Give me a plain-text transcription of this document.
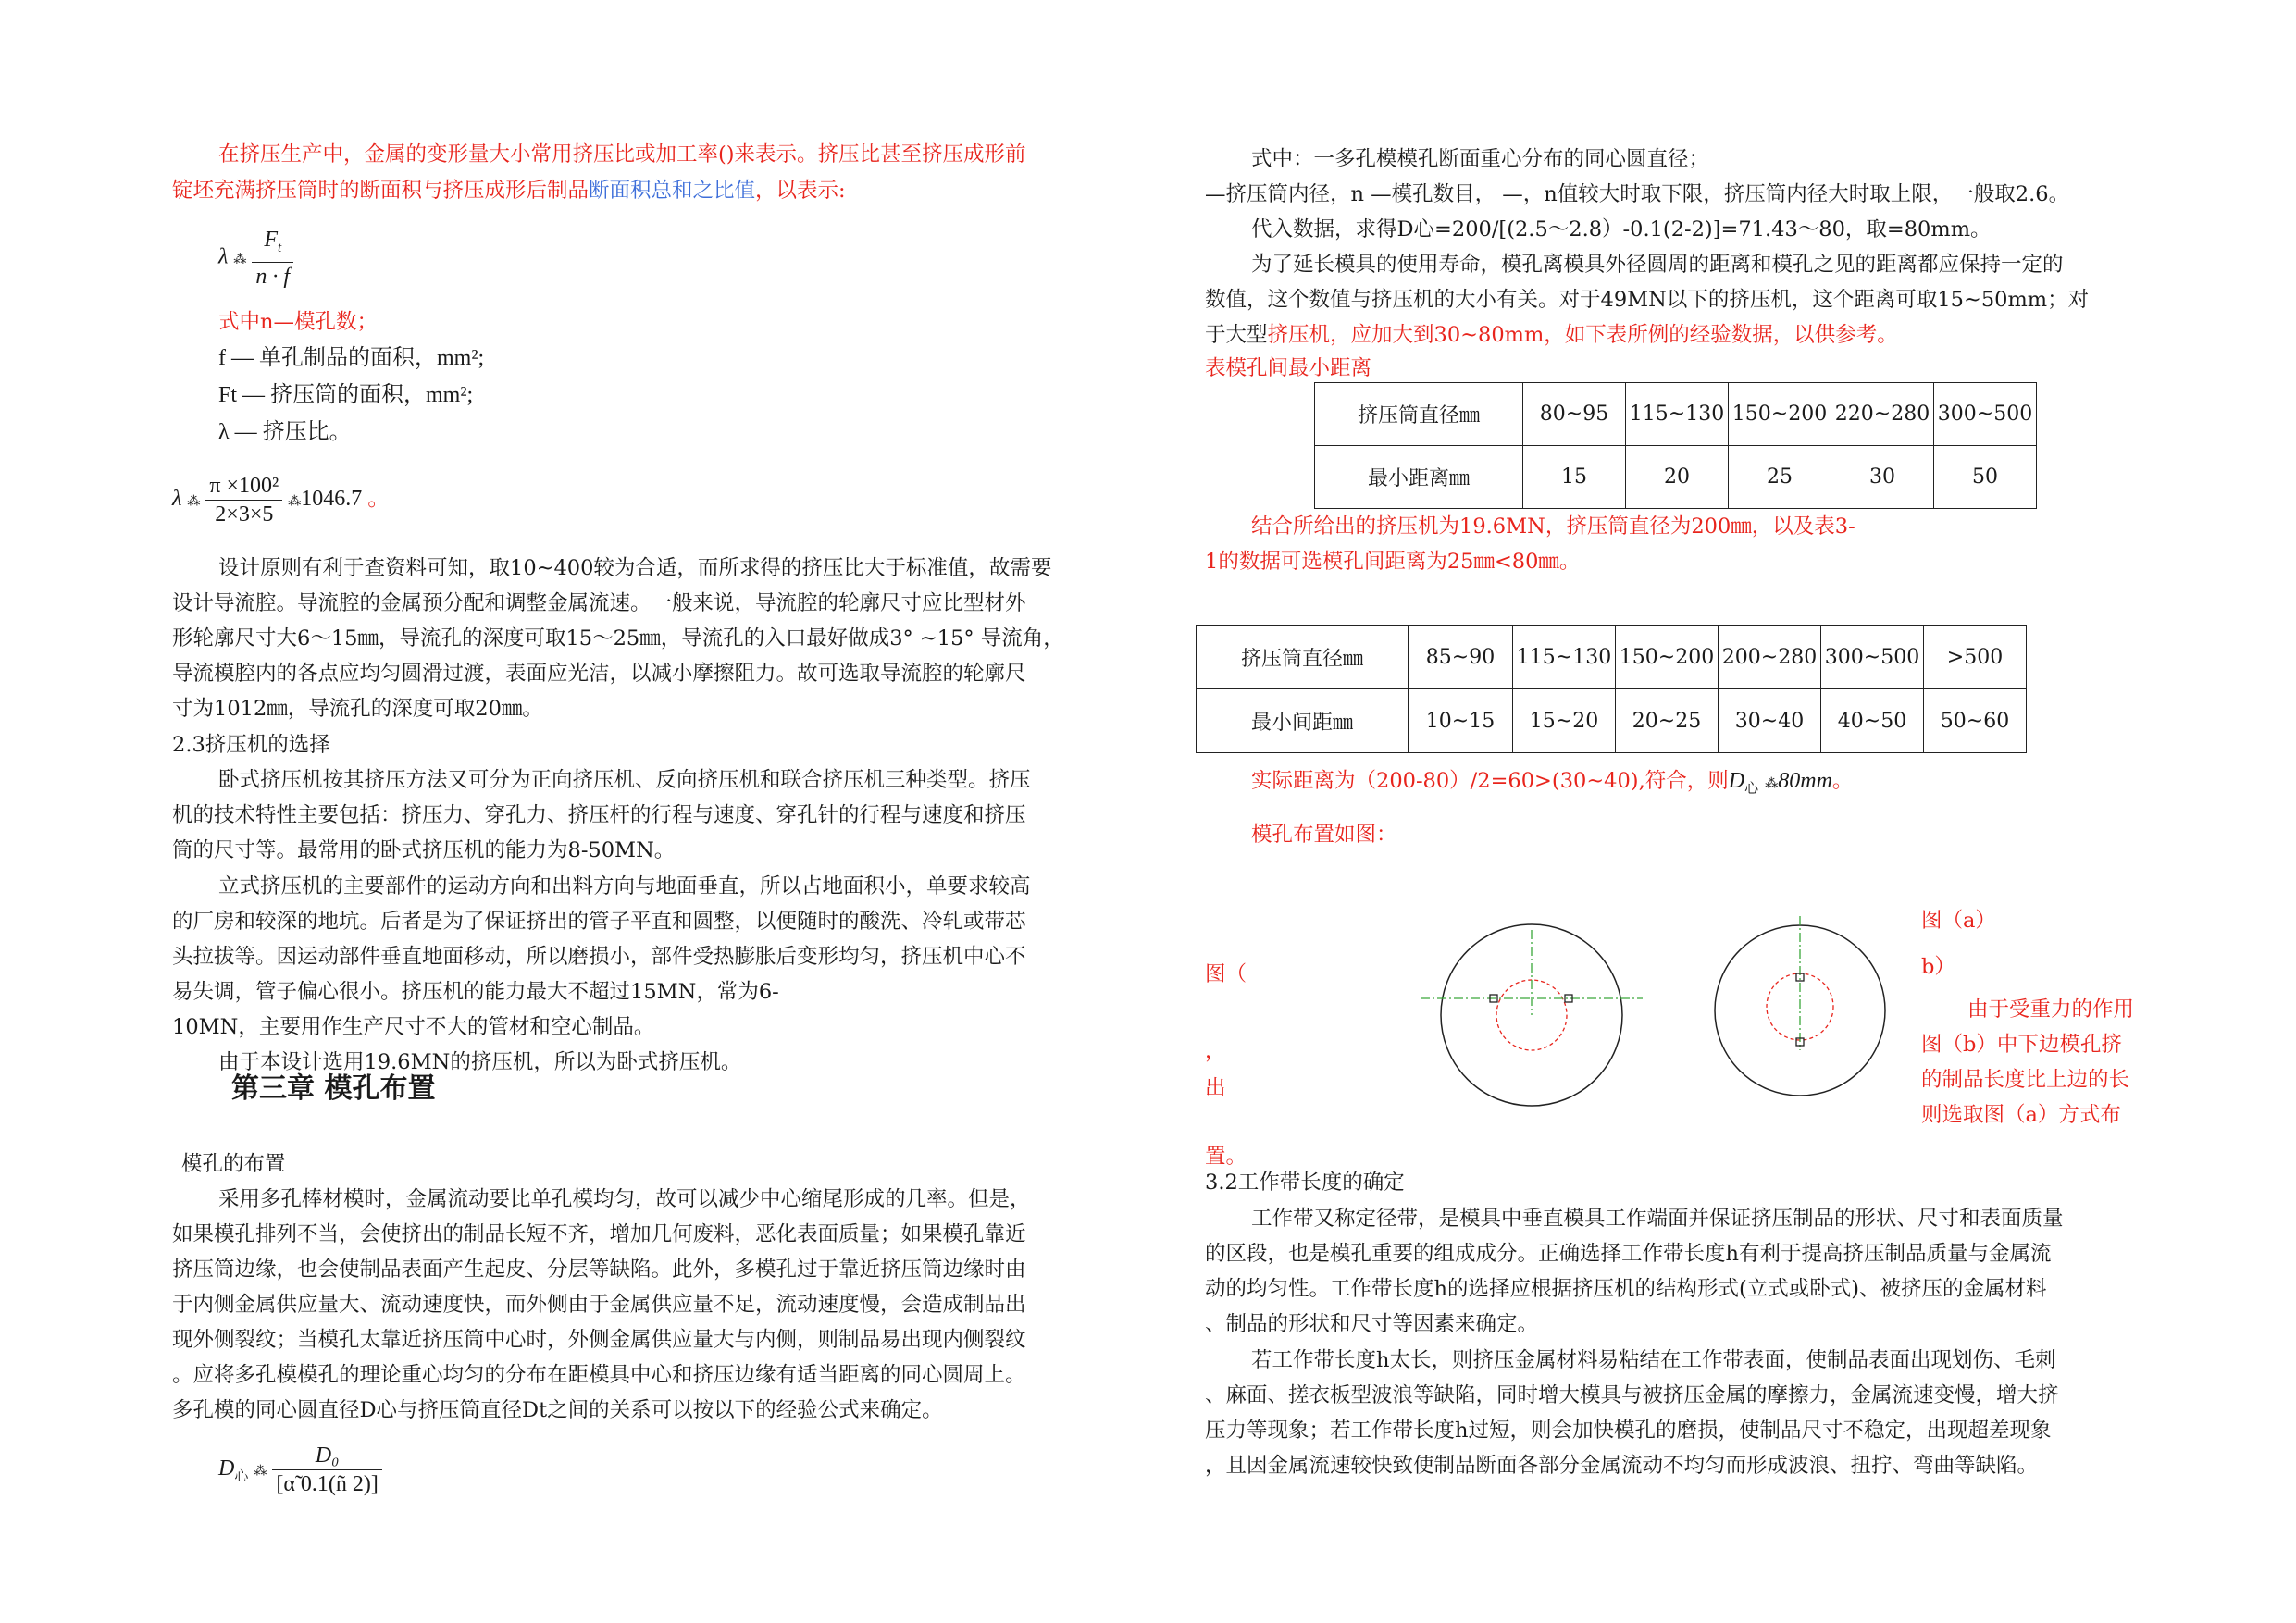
在挤压生产中，金属的变形量大小常用挤压比或加工率()来表示。挤压比甚至挤压成形前
锭坯充满挤压筒时的断面积与挤压成形后制品断面积总和之比值，以表示:
λ ⁂ $\frac{F_t}{n \cdot f}$
式中n—模孔数；
f — 单孔制品的面积，mm²;
Ft — 挤压筒的面积，mm²;
λ — 挤压比。
λ ⁂ $\frac{\text{π ×100²}}{2\times 3\times 5}$ ⁂1046.7 。
设计原则有利于查资料可知，取10~400较为合适，而所求得的挤压比大于标准值，故需要
设计导流腔。导流腔的金属预分配和调整金属流速。一般来说，导流腔的轮廓尺寸应比型材外
形轮廓尺寸大6～15㎜，导流孔的深度可取15～25㎜，导流孔的入口最好做成3° ~15° 导流角，
导流模腔内的各点应均匀圆滑过渡，表面应光洁，以减小摩擦阻力。故可选取导流腔的轮廓尺
寸为1012㎜，导流孔的深度可取20㎜。
2.3挤压机的选择
卧式挤压机按其挤压方法又可分为正向挤压机、反向挤压机和联合挤压机三种类型。挤压
机的技术特性主要包括：挤压力、穿孔力、挤压杆的行程与速度、穿孔针的行程与速度和挤压
筒的尺寸等。最常用的卧式挤压机的能力为8-50MN。
立式挤压机的主要部件的运动方向和出料方向与地面垂直，所以占地面积小，单要求较高
的厂房和较深的地坑。后者是为了保证挤出的管子平直和圆整，以便随时的酸洗、冷轧或带芯
头拉拔等。因运动部件垂直地面移动，所以磨损小，部件受热膨胀后变形均匀，挤压机中心不
易失调，管子偏心很小。挤压机的能力最大不超过15MN，常为6-
10MN，主要用作生产尺寸不大的管材和空心制品。
由于本设计选用19.6MN的挤压机，所以为卧式挤压机。
第三章 模孔布置
模孔的布置
采用多孔棒材模时，金属流动要比单孔模均匀，故可以减少中心缩尾形成的几率。但是，
如果模孔排列不当，会使挤出的制品长短不齐，增加几何废料，恶化表面质量；如果模孔靠近
挤压筒边缘，也会使制品表面产生起皮、分层等缺陷。此外，多模孔过于靠近挤压筒边缘时由
于内侧金属供应量大、流动速度快，而外侧由于金属供应量不足，流动速度慢，会造成制品出
现外侧裂纹；当模孔太靠近挤压筒中心时，外侧金属供应量大与内侧，则制品易出现内侧裂纹
。应将多孔模模孔的理论重心均匀的分布在距模具中心和挤压边缘有适当距离的同心圆周上。
多孔模的同心圆直径D心与挤压筒直径Dt之间的关系可以按以下的经验公式来确定。
$D_心$ ⁂ $\frac{\text{D₀}}{[\alphã 0.1(ñ 2)]}$
式中：一多孔模模孔断面重心分布的同心圆直径；
—挤压筒内径，n —模孔数目， —，n值较大时取下限，挤压筒内径大时取上限，一般取2.6。
代入数据，求得D心=200/[(2.5～2.8）-0.1(2-2)]=71.43～80，取=80mm。
为了延长模具的使用寿命，模孔离模具外径圆周的距离和模孔之见的距离都应保持一定的
数值，这个数值与挤压机的大小有关。对于49MN以下的挤压机，这个距离可取15~50mm；对
于大型挤压机，应加大到30~80mm，如下表所例的经验数据，以供参考。
表模孔间最小距离
挤压筒直径㎜	80~95	115~130	150~200	220~280	300~500
最小距离㎜	15	20	25	30	50
结合所给出的挤压机为19.6MN，挤压筒直径为200㎜，以及表3-
1的数据可选模孔间距离为25㎜<80㎜。
挤压筒直径㎜	85~90	115~130	150~200	200~280	300~500	>500
最小间距㎜	10~15	15~20	20~25	30~40	40~50	50~60
实际距离为（200-80）/2=60>(30~40),符合，则$D_心$ ⁂80mm。
模孔布置如图：
图（
，
出
置。
图（a）
b）
由于受重力的作用
图（b）中下边模孔挤
的制品长度比上边的长
则选取图（a）方式布
3.2工作带长度的确定
工作带又称定径带，是模具中垂直模具工作端面并保证挤压制品的形状、尺寸和表面质量
的区段，也是模孔重要的组成成分。正确选择工作带长度h有利于提高挤压制品质量与金属流
动的均匀性。工作带长度h的选择应根据挤压机的结构形式(立式或卧式)、被挤压的金属材料
、制品的形状和尺寸等因素来确定。
若工作带长度h太长，则挤压金属材料易粘结在工作带表面，使制品表面出现划伤、毛刺
、麻面、搓衣板型波浪等缺陷，同时增大模具与被挤压金属的摩擦力，金属流速变慢，增大挤
压力等现象；若工作带长度h过短，则会加快模孔的磨损，使制品尺寸不稳定，出现超差现象
，且因金属流速较快致使制品断面各部分金属流动不均匀而形成波浪、扭拧、弯曲等缺陷。
